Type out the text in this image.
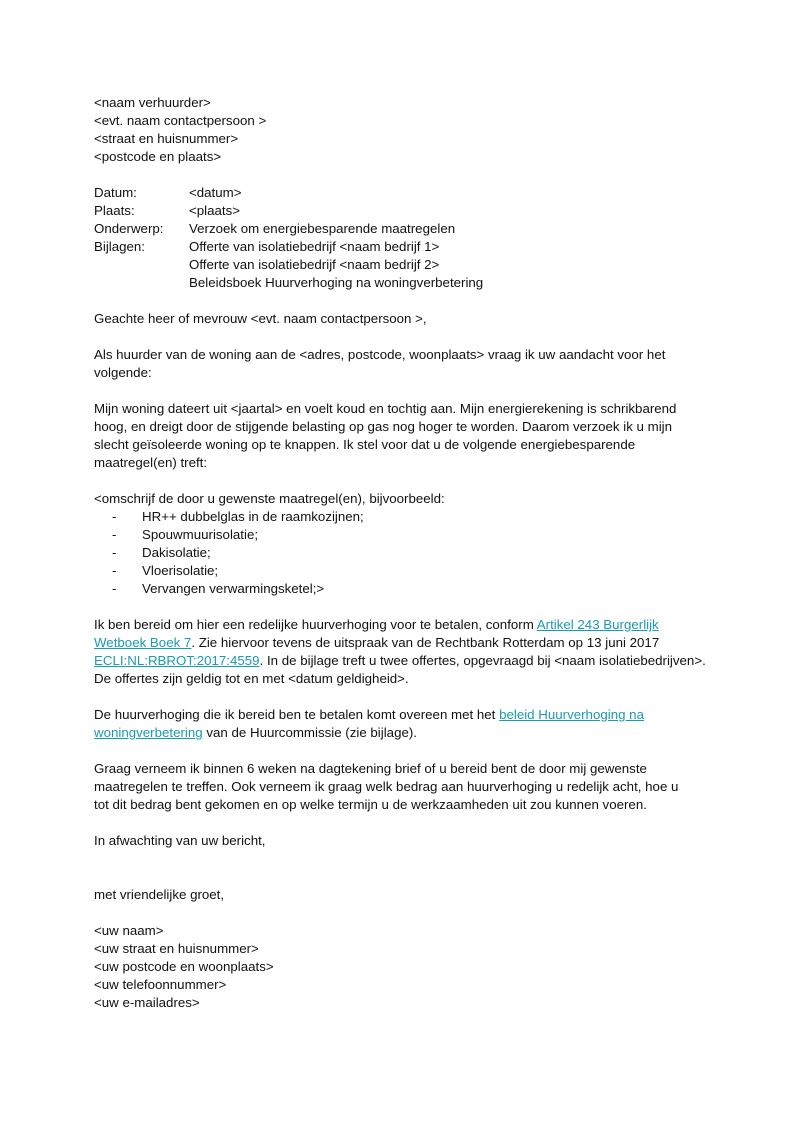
<naam verhuurder>
<evt. naam contactpersoon >
<straat en huisnummer>
<postcode en plaats>
Datum:	<datum>
Plaats:	<plaats>
Onderwerp:	Verzoek om energiebesparende maatregelen
Bijlagen:	Offerte van isolatiebedrijf <naam bedrijf 1>
Offerte van isolatiebedrijf <naam bedrijf 2>
Beleidsboek Huurverhoging na woningverbetering
Geachte heer of mevrouw <evt. naam contactpersoon >,
Als huurder van de woning aan de <adres, postcode, woonplaats> vraag ik uw aandacht voor het
volgende:
Mijn woning dateert uit <jaartal> en voelt koud en tochtig aan. Mijn energierekening is schrikbarend
hoog, en dreigt door de stijgende belasting op gas nog hoger te worden. Daarom verzoek ik u mijn
slecht geïsoleerde woning op te knappen. Ik stel voor dat u de volgende energiebesparende
maatregel(en) treft:
<omschrijf de door u gewenste maatregel(en), bijvoorbeeld:
-	HR++ dubbelglas in de raamkozijnen;
-	Spouwmuurisolatie;
-	Dakisolatie;
-	Vloerisolatie;
-	Vervangen verwarmingsketel;>
Ik ben bereid om hier een redelijke huurverhoging voor te betalen, conform Artikel 243 Burgerlijk
Wetboek Boek 7. Zie hiervoor tevens de uitspraak van de Rechtbank Rotterdam op 13 juni 2017
ECLI:NL:RBROT:2017:4559. In de bijlage treft u twee offertes, opgevraagd bij <naam isolatiebedrijven>.
De offertes zijn geldig tot en met <datum geldigheid>.
De huurverhoging die ik bereid ben te betalen komt overeen met het beleid Huurverhoging na
woningverbetering van de Huurcommissie (zie bijlage).
Graag verneem ik binnen 6 weken na dagtekening brief of u bereid bent de door mij gewenste
maatregelen te treffen. Ook verneem ik graag welk bedrag aan huurverhoging u redelijk acht, hoe u
tot dit bedrag bent gekomen en op welke termijn u de werkzaamheden uit zou kunnen voeren.
In afwachting van uw bericht,
met vriendelijke groet,
<uw naam>
<uw straat en huisnummer>
<uw postcode en woonplaats>
<uw telefoonnummer>
<uw e-mailadres>
